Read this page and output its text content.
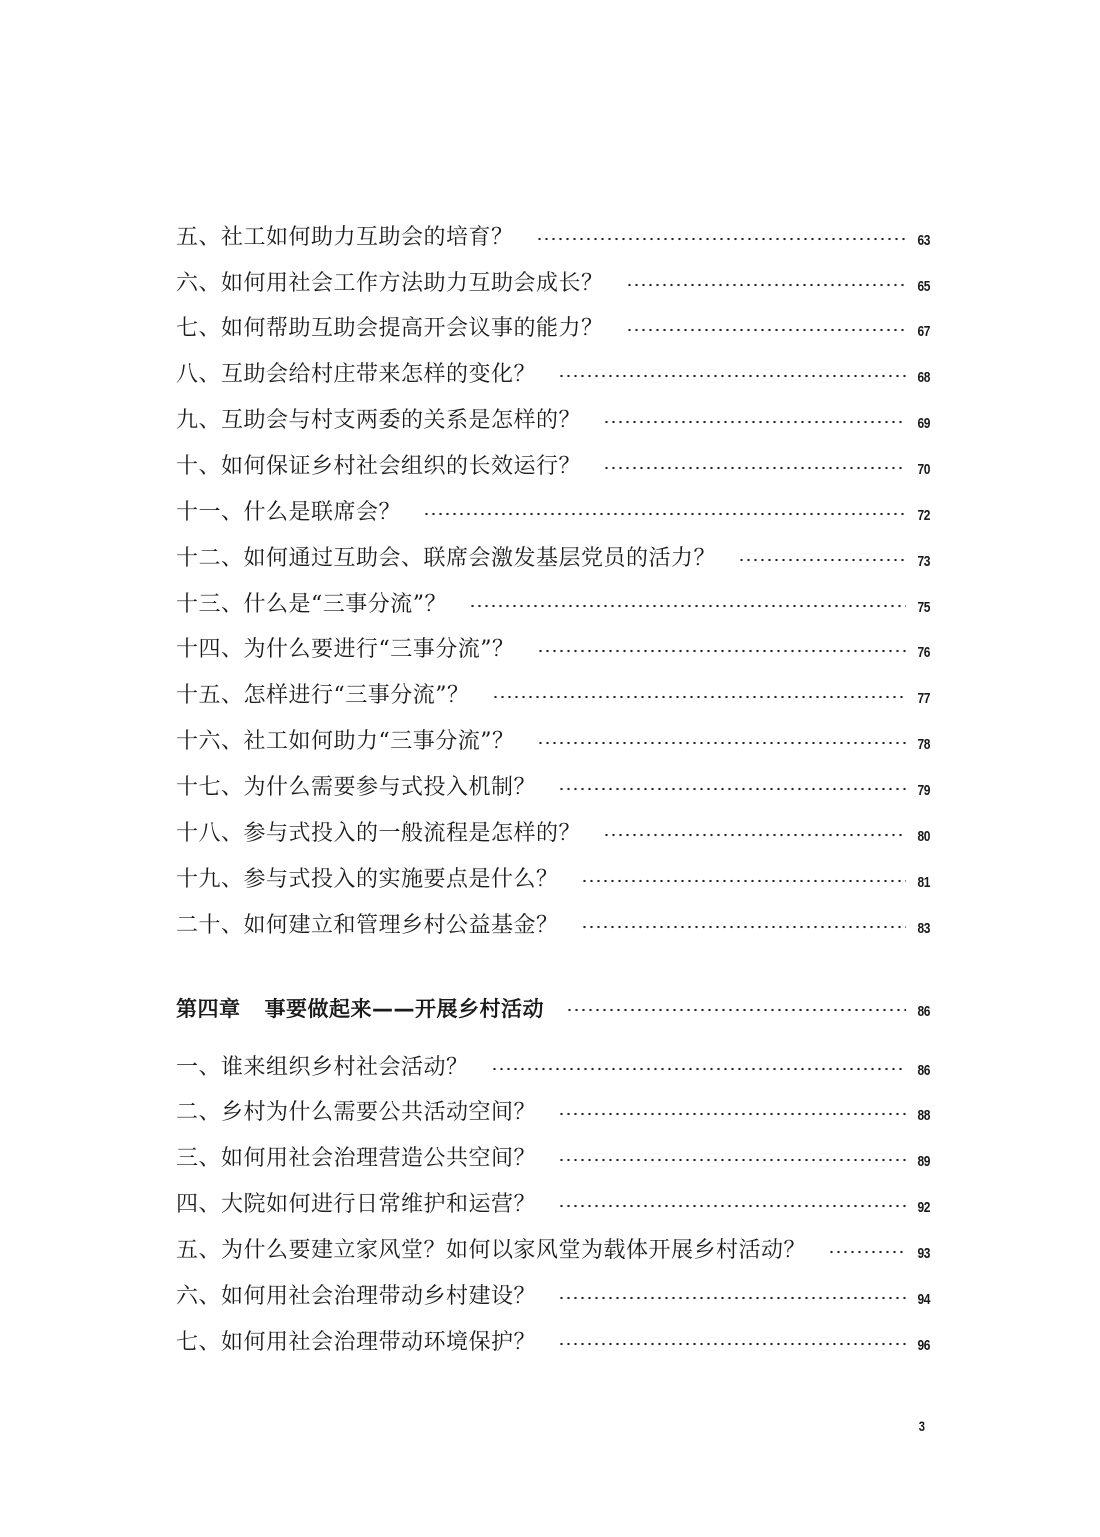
五、社工如何助力互助会的培育？	63
六、如何用社会工作方法助力互助会成长？	65
七、如何帮助互助会提高开会议事的能力？	67
八、互助会给村庄带来怎样的变化？	68
九、互助会与村支两委的关系是怎样的？	69
十、如何保证乡村社会组织的长效运行？	70
十一、什么是联席会？	72
十二、如何通过互助会、联席会激发基层党员的活力？	73
十三、什么是“三事分流”？	75
十四、为什么要进行“三事分流”？	76
十五、怎样进行“三事分流”？	77
十六、社工如何助力“三事分流”？	78
十七、为什么需要参与式投入机制？	79
十八、参与式投入的一般流程是怎样的？	80
十九、参与式投入的实施要点是什么？	81
二十、如何建立和管理乡村公益基金？	83
第四章 事要做起来——开展乡村活动	86
一、谁来组织乡村社会活动？	86
二、乡村为什么需要公共活动空间？	88
三、如何用社会治理营造公共空间？	89
四、大院如何进行日常维护和运营？	92
五、为什么要建立家风堂？如何以家风堂为载体开展乡村活动？	93
六、如何用社会治理带动乡村建设？	94
七、如何用社会治理带动环境保护？	96
3
